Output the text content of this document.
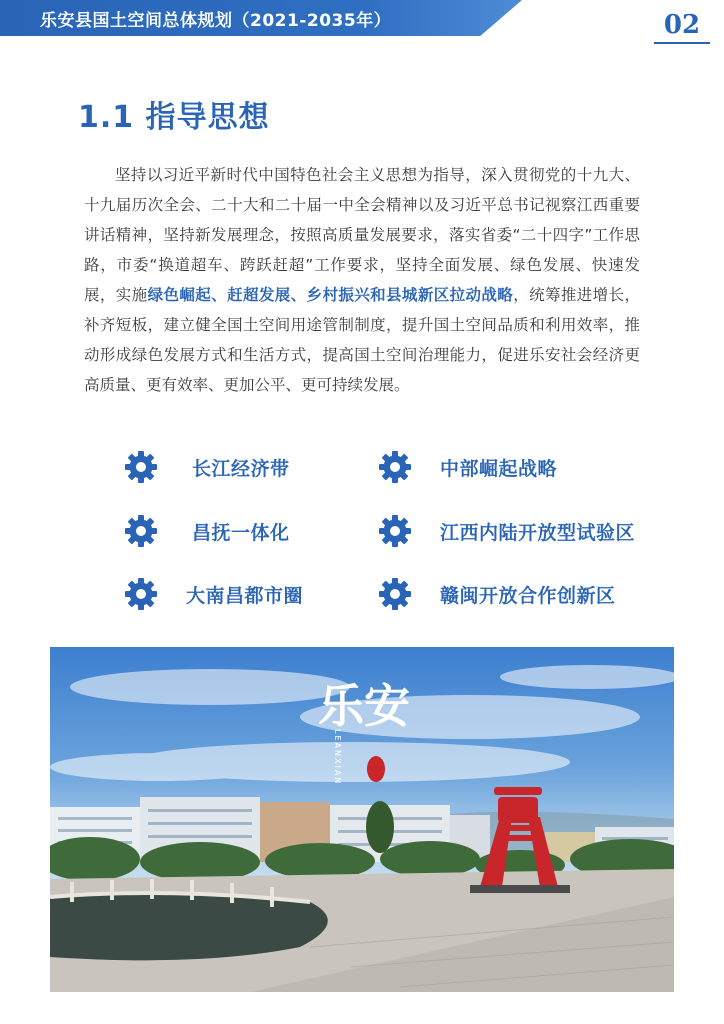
乐安县国土空间总体规划（2021-2035年）	02
1.1 指导思想

坚持以习近平新时代中国特色社会主义思想为指导，深入贯彻党的十九大、十九届历次全会、二十大和二十届一中全会精神以及习近平总书记视察江西重要讲话精神，坚持新发展理念，按照高质量发展要求，落实省委“二十四字”工作思路，市委“换道超车、跨跃赶超”工作要求，坚持全面发展、绿色发展、快速发展，实施绿色崛起、赶超发展、乡村振兴和县城新区拉动战略，统筹推进增长，补齐短板，建立健全国土空间用途管制制度，提升国土空间品质和利用效率，推动形成绿色发展方式和生活方式，提高国土空间治理能力，促进乐安社会经济更高质量、更有效率、更加公平、更可持续发展。

长江经济带	中部崛起战略
昌抚一体化	江西内陆开放型试验区
大南昌都市圈	赣闽开放合作创新区
乐安
LEANXIAN
